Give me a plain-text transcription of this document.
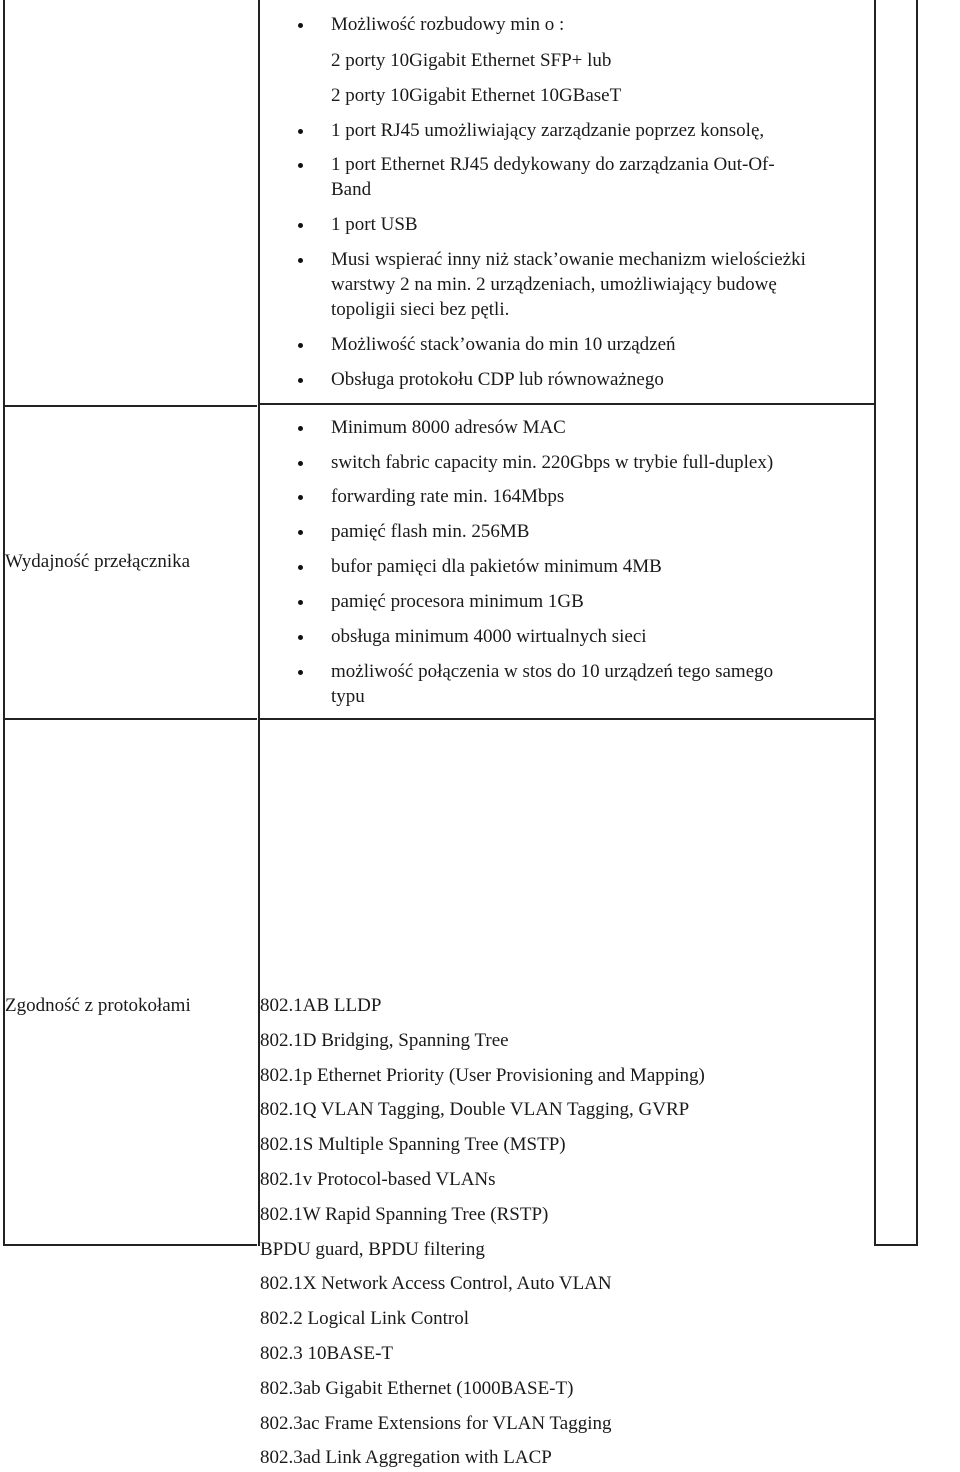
Wydajność przełącznika
Zgodność z protokołami
Możliwość rozbudowy min o :
2 porty 10Gigabit Ethernet SFP+ lub
2 porty 10Gigabit Ethernet 10GBaseT
1 port RJ45 umożliwiający zarządzanie poprzez konsolę,
1 port Ethernet RJ45 dedykowany do zarządzania Out-Of-
Band
1 port USB
Musi wspierać inny niż stack’owanie mechanizm wielościeżki
warstwy 2 na min. 2 urządzeniach, umożliwiający budowę
topoligii sieci bez pętli.
Możliwość stack’owania do min 10 urządzeń
Obsługa protokołu CDP lub równoważnego
Minimum 8000 adresów MAC
switch fabric capacity min. 220Gbps w trybie full-duplex)
forwarding rate min. 164Mbps
pamięć flash min. 256MB
bufor pamięci dla pakietów minimum 4MB
pamięć procesora minimum 1GB
obsługa minimum 4000 wirtualnych sieci
możliwość połączenia w stos do 10 urządzeń tego samego
typu
802.1AB LLDP
802.1D Bridging, Spanning Tree
802.1p Ethernet Priority (User Provisioning and Mapping)
802.1Q VLAN Tagging, Double VLAN Tagging, GVRP
802.1S Multiple Spanning Tree (MSTP)
802.1v Protocol-based VLANs
802.1W Rapid Spanning Tree (RSTP)
BPDU guard, BPDU filtering
802.1X Network Access Control, Auto VLAN
802.2 Logical Link Control
802.3 10BASE-T
802.3ab Gigabit Ethernet (1000BASE-T)
802.3ac Frame Extensions for VLAN Tagging
802.3ad Link Aggregation with LACP
